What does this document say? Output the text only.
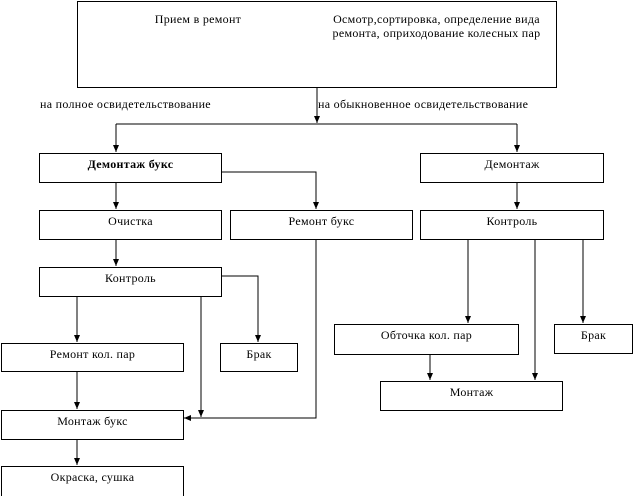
Прием в ремонт	Осмотр,сортировка, определение вида ремонта, оприходование колесных пар
на полное освидетельствование	на обыкновенное освидетельствование
Демонтаж букс
Очистка	Ремонт букс
Контроль
Ремонт кол. пар	Брак
Монтаж букс
Окраска, сушка
Демонтаж
Контроль
Обточка кол. пар	Брак
Монтаж
